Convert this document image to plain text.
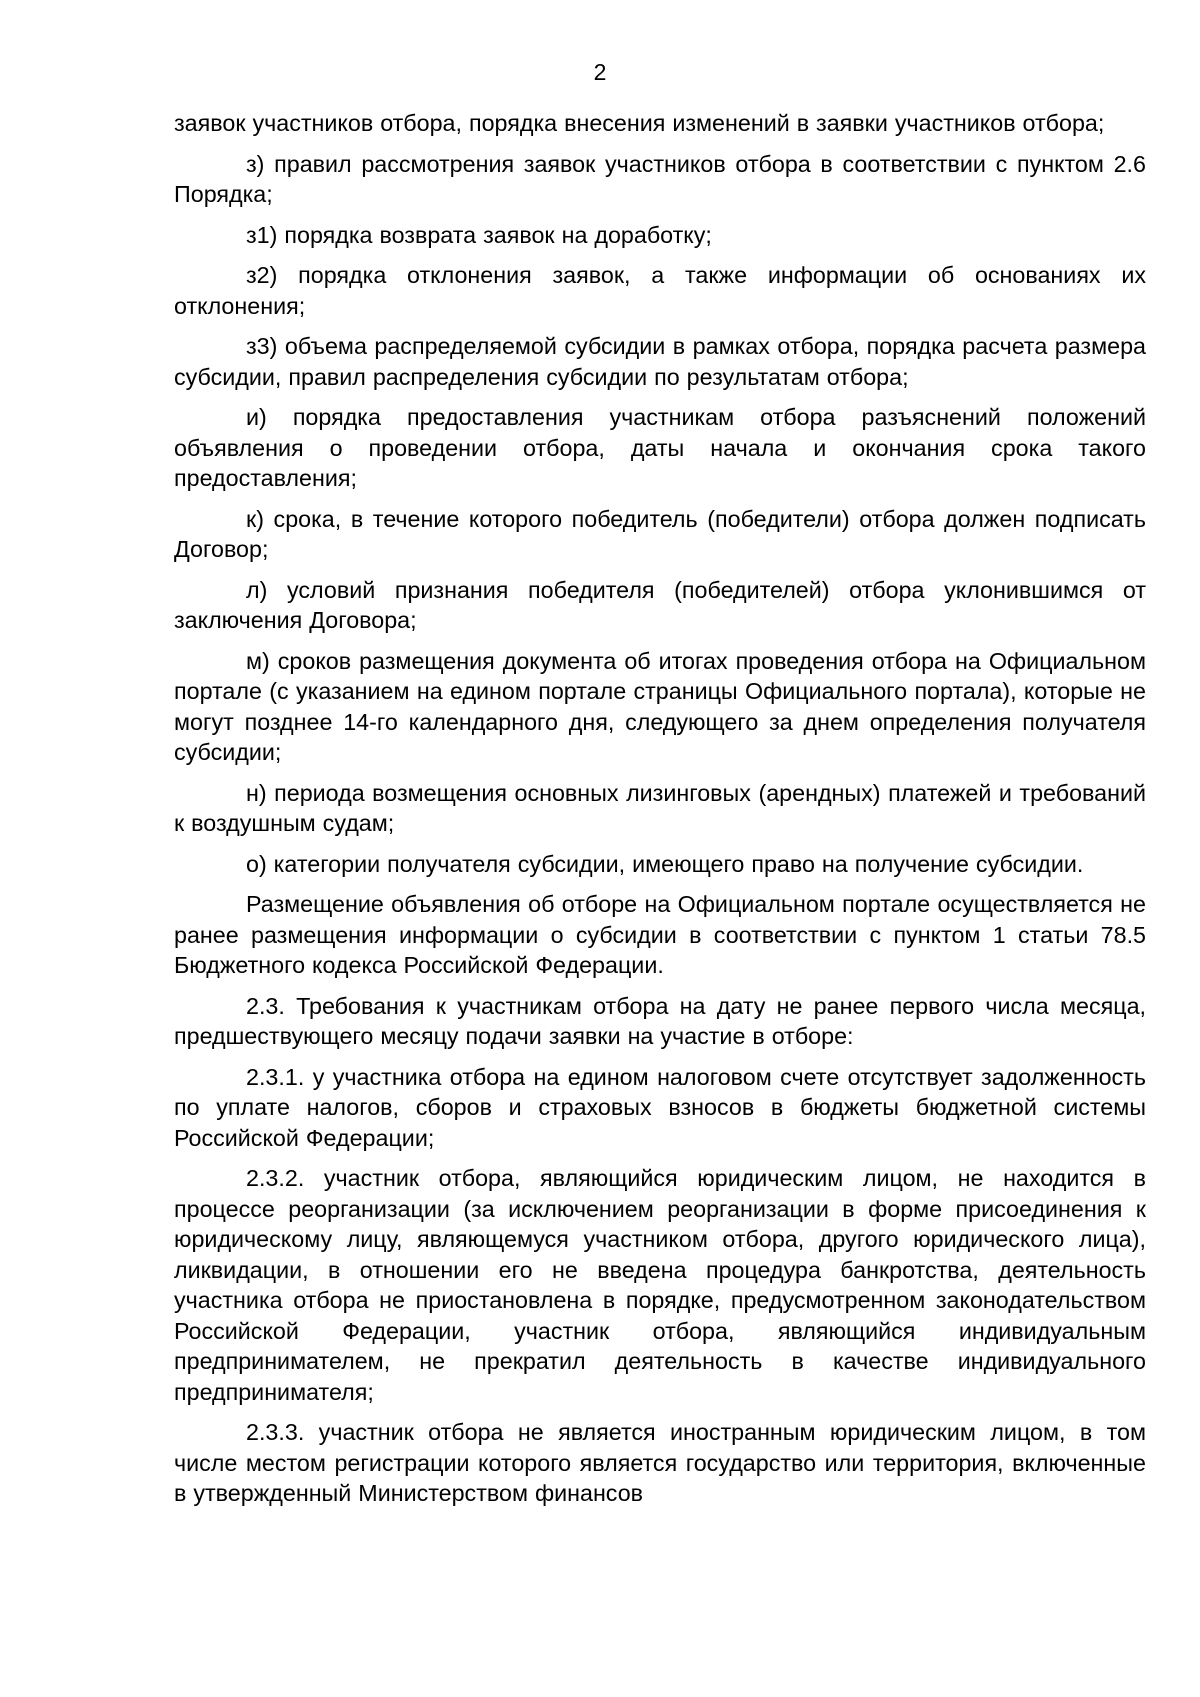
2

заявок участников отбора, порядка внесения изменений в заявки участников отбора;

з) правил рассмотрения заявок участников отбора в соответствии с пунктом 2.6 Порядка;

з1) порядка возврата заявок на доработку;

з2) порядка отклонения заявок, а также информации об основаниях их отклонения;

з3) объема распределяемой субсидии в рамках отбора, порядка расчета размера субсидии, правил распределения субсидии по результатам отбора;

и) порядка предоставления участникам отбора разъяснений положений объявления о проведении отбора, даты начала и окончания срока такого предоставления;

к) срока, в течение которого победитель (победители) отбора должен подписать Договор;

л) условий признания победителя (победителей) отбора уклонившимся от заключения Договора;

м) сроков размещения документа об итогах проведения отбора на Официальном портале (с указанием на едином портале страницы Официального портала), которые не могут позднее 14-го календарного дня, следующего за днем определения получателя субсидии;

н) периода возмещения основных лизинговых (арендных) платежей и требований к воздушным судам;

о) категории получателя субсидии, имеющего право на получение субсидии.

Размещение объявления об отборе на Официальном портале осуществляется не ранее размещения информации о субсидии в соответствии с пунктом 1 статьи 78.5 Бюджетного кодекса Российской Федерации.

2.3. Требования к участникам отбора на дату не ранее первого числа месяца, предшествующего месяцу подачи заявки на участие в отборе:

2.3.1. у участника отбора на едином налоговом счете отсутствует задолженность по уплате налогов, сборов и страховых взносов в бюджеты бюджетной системы Российской Федерации;

2.3.2. участник отбора, являющийся юридическим лицом, не находится в процессе реорганизации (за исключением реорганизации в форме присоединения к юридическому лицу, являющемуся участником отбора, другого юридического лица), ликвидации, в отношении его не введена процедура банкротства, деятельность участника отбора не приостановлена в порядке, предусмотренном законодательством Российской Федерации, участник отбора, являющийся индивидуальным предпринимателем, не прекратил деятельность в качестве индивидуального предпринимателя;

2.3.3. участник отбора не является иностранным юридическим лицом, в том числе местом регистрации которого является государство или территория, включенные в утвержденный Министерством финансов
